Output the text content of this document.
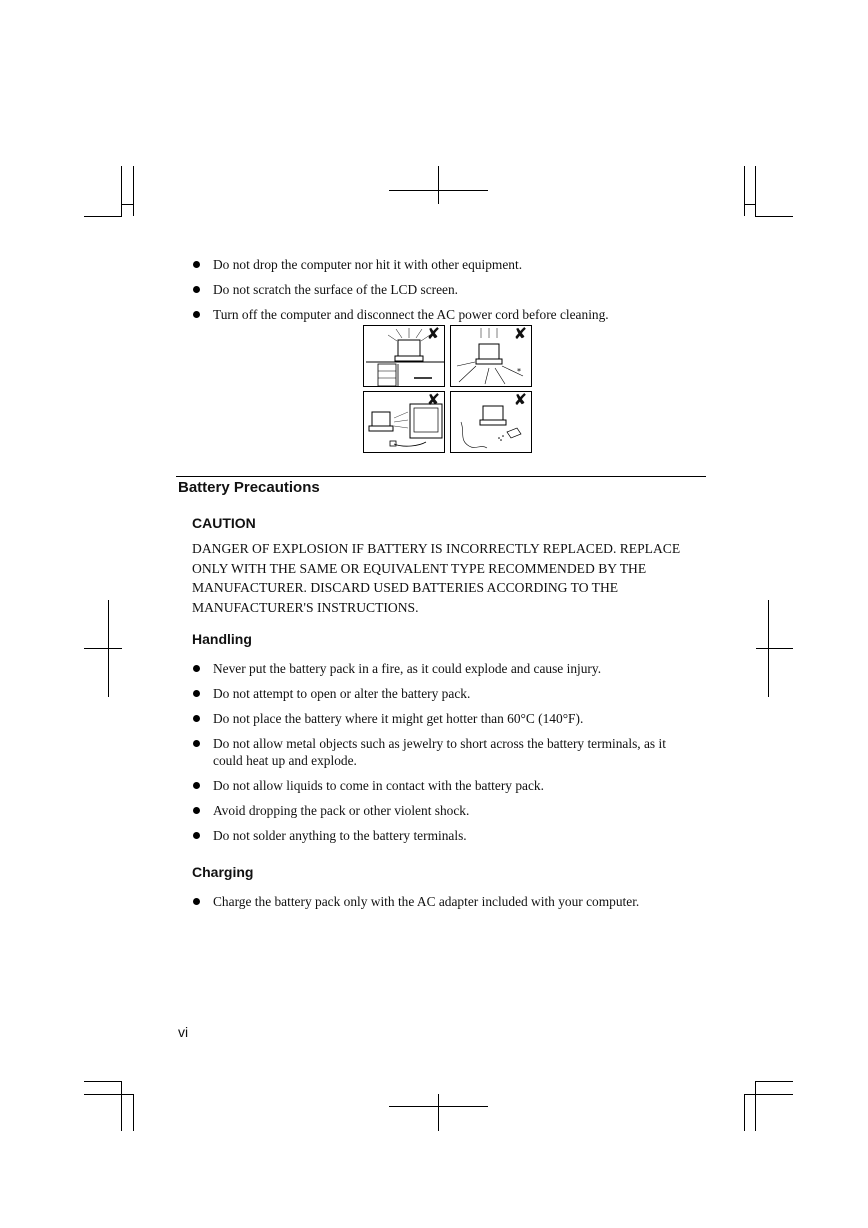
Do not drop the computer nor hit it with other equipment.
Do not scratch the surface of the LCD screen.
Turn off the computer and disconnect the AC power cord before cleaning.
✘
*
✘
✘	✘
Battery Precautions
CAUTION
DANGER OF EXPLOSION IF BATTERY IS INCORRECTLY REPLACED. REPLACE ONLY WITH THE SAME OR EQUIVALENT TYPE RECOMMENDED BY THE MANUFACTURER. DISCARD USED BATTERIES ACCORDING TO THE MANUFACTURER'S INSTRUCTIONS.
Handling
Never put the battery pack in a fire, as it could explode and cause injury.
Do not attempt to open or alter the battery pack.
Do not place the battery where it might get hotter than 60°C (140°F).
Do not allow metal objects such as jewelry to short across the battery terminals, as it could heat up and explode.
Do not allow liquids to come in contact with the battery pack.
Avoid dropping the pack or other violent shock.
Do not solder anything to the battery terminals.
Charging
Charge the battery pack only with the AC adapter included with your computer.
vi
